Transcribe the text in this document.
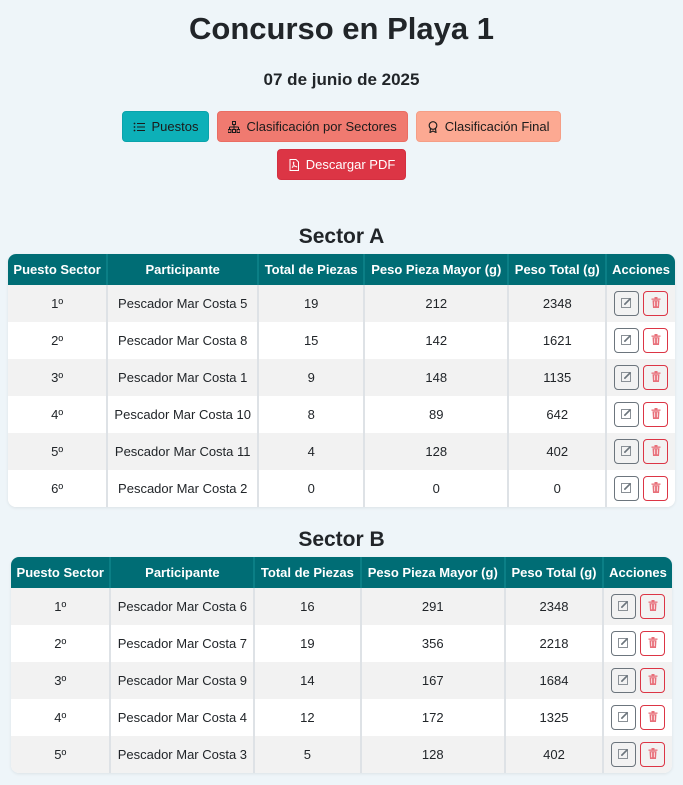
Concurso en Playa 1
07 de junio de 2025
Puestos	Clasificación por Sectores	Clasificación Final
Descargar PDF
Sector A
Puesto Sector	Participante	Total de Piezas	Peso Pieza Mayor (g)	Peso Total (g)	Acciones
1º	Pescador Mar Costa 5	19	212	2348	

2º	Pescador Mar Costa 8	15	142	1621	

3º	Pescador Mar Costa 1	9	148	1135	

4º	Pescador Mar Costa 10	8	89	642	

5º	Pescador Mar Costa 11	4	128	402	

6º	Pescador Mar Costa 2	0	0	0	
Sector B
Puesto Sector	Participante	Total de Piezas	Peso Pieza Mayor (g)	Peso Total (g)	Acciones
1º	Pescador Mar Costa 6	16	291	2348	

2º	Pescador Mar Costa 7	19	356	2218	

3º	Pescador Mar Costa 9	14	167	1684	

4º	Pescador Mar Costa 4	12	172	1325	

5º	Pescador Mar Costa 3	5	128	402	
